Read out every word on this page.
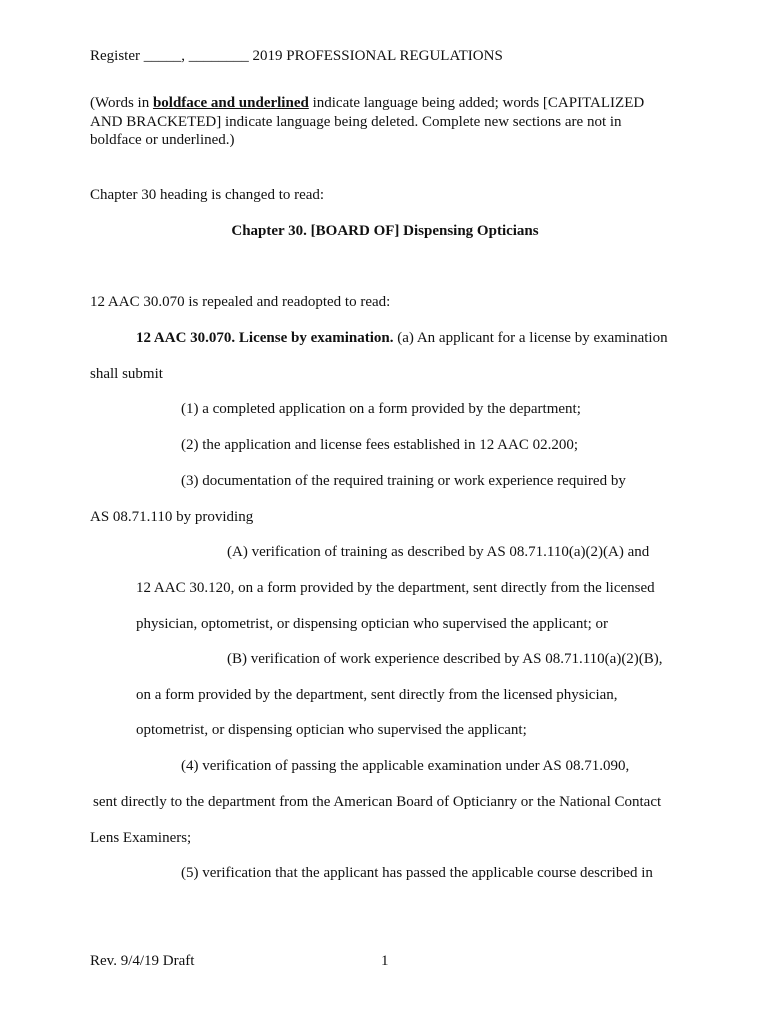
Register _____, ________ 2019 PROFESSIONAL REGULATIONS

(Words in boldface and underlined indicate language being added; words [CAPITALIZED

AND BRACKETED] indicate language being deleted. Complete new sections are not in

boldface or underlined.)

Chapter 30 heading is changed to read:

Chapter 30. [BOARD OF] Dispensing Opticians

12 AAC 30.070 is repealed and readopted to read:

12 AAC 30.070. License by examination. (a) An applicant for a license by examination

shall submit

(1) a completed application on a form provided by the department;

(2) the application and license fees established in 12 AAC 02.200;

(3) documentation of the required training or work experience required by

AS 08.71.110 by providing

(A) verification of training as described by AS 08.71.110(a)(2)(A) and

12 AAC 30.120, on a form provided by the department, sent directly from the licensed

physician, optometrist, or dispensing optician who supervised the applicant; or

(B) verification of work experience described by AS 08.71.110(a)(2)(B),

on a form provided by the department, sent directly from the licensed physician,

optometrist, or dispensing optician who supervised the applicant;

(4) verification of passing the applicable examination under AS 08.71.090,

sent directly to the department from the American Board of Opticianry or the National Contact

Lens Examiners;

(5) verification that the applicant has passed the applicable course described in

Rev. 9/4/19 Draft	1
